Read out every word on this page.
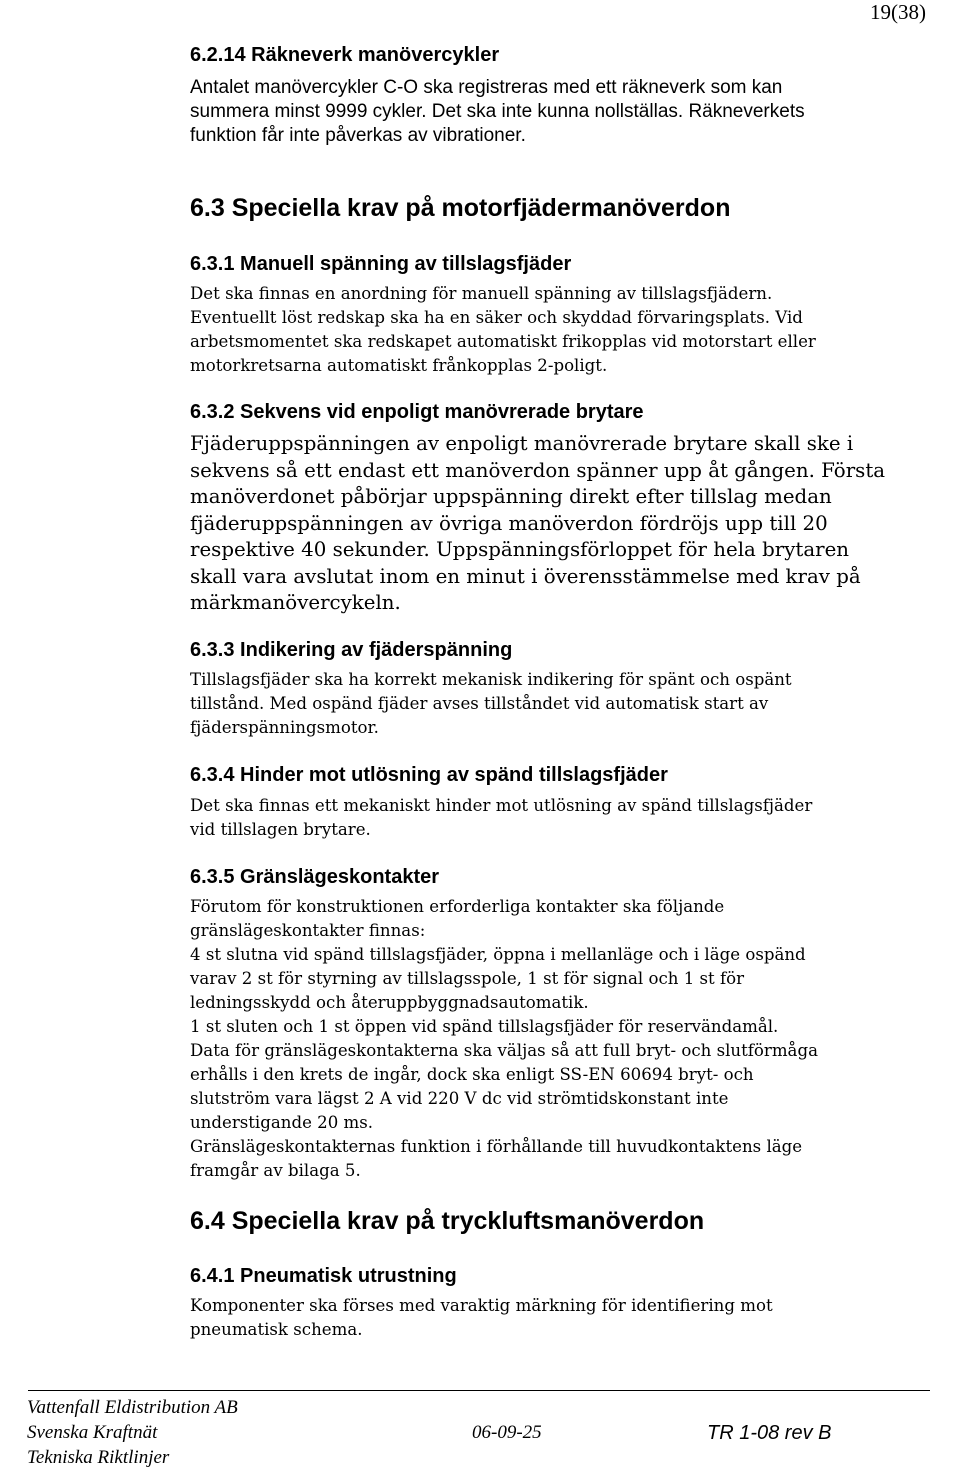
19(38)
6.2.14 Räkneverk manövercykler
Antalet manövercykler C-O ska registreras med ett räkneverk som kan
summera minst 9999 cykler. Det ska inte kunna nollställas. Räkneverkets
funktion får inte påverkas av vibrationer.
6.3 Speciella krav på motorfjädermanöverdon
6.3.1 Manuell spänning av tillslagsfjäder
Det ska finnas en anordning för manuell spänning av tillslagsfjädern.
Eventuellt löst redskap ska ha en säker och skyddad förvaringsplats. Vid
arbetsmomentet ska redskapet automatiskt frikopplas vid motorstart eller
motorkretsarna automatiskt frånkopplas 2-poligt.
6.3.2 Sekvens vid enpoligt manövrerade brytare
Fjäderuppspänningen av enpoligt manövrerade brytare skall ske i
sekvens så ett endast ett manöverdon spänner upp åt gången. Första
manöverdonet påbörjar uppspänning direkt efter tillslag medan
fjäderuppspänningen av övriga manöverdon fördröjs upp till 20
respektive 40 sekunder. Uppspänningsförloppet för hela brytaren
skall vara avslutat inom en minut i överensstämmelse med krav på
märkmanövercykeln.
6.3.3 Indikering av fjäderspänning
Tillslagsfjäder ska ha korrekt mekanisk indikering för spänt och ospänt
tillstånd. Med ospänd fjäder avses tillståndet vid automatisk start av
fjäderspänningsmotor.
6.3.4 Hinder mot utlösning av spänd tillslagsfjäder
Det ska finnas ett mekaniskt hinder mot utlösning av spänd tillslagsfjäder
vid tillslagen brytare.
6.3.5 Gränslägeskontakter
Förutom för konstruktionen erforderliga kontakter ska följande
gränslägeskontakter finnas:
4 st slutna vid spänd tillslagsfjäder, öppna i mellanläge och i läge ospänd
varav 2 st för styrning av tillslagsspole, 1 st för signal och 1 st för
ledningsskydd och återuppbyggnadsautomatik.
1 st sluten och 1 st öppen vid spänd tillslagsfjäder för reservändamål.
Data för gränslägeskontakterna ska väljas så att full bryt- och slutförmåga
erhålls i den krets de ingår, dock ska enligt SS-EN 60694 bryt- och
slutström vara lägst 2 A vid 220 V dc vid strömtidskonstant inte
understigande 20 ms.
Gränslägeskontakternas funktion i förhållande till huvudkontaktens läge
framgår av bilaga 5.
6.4 Speciella krav på tryckluftsmanöverdon
6.4.1 Pneumatisk utrustning
Komponenter ska förses med varaktig märkning för identifiering mot
pneumatisk schema.
Vattenfall Eldistribution AB
Svenska Kraftnät
Tekniska Riktlinjer
06-09-25	TR 1-08 rev B
